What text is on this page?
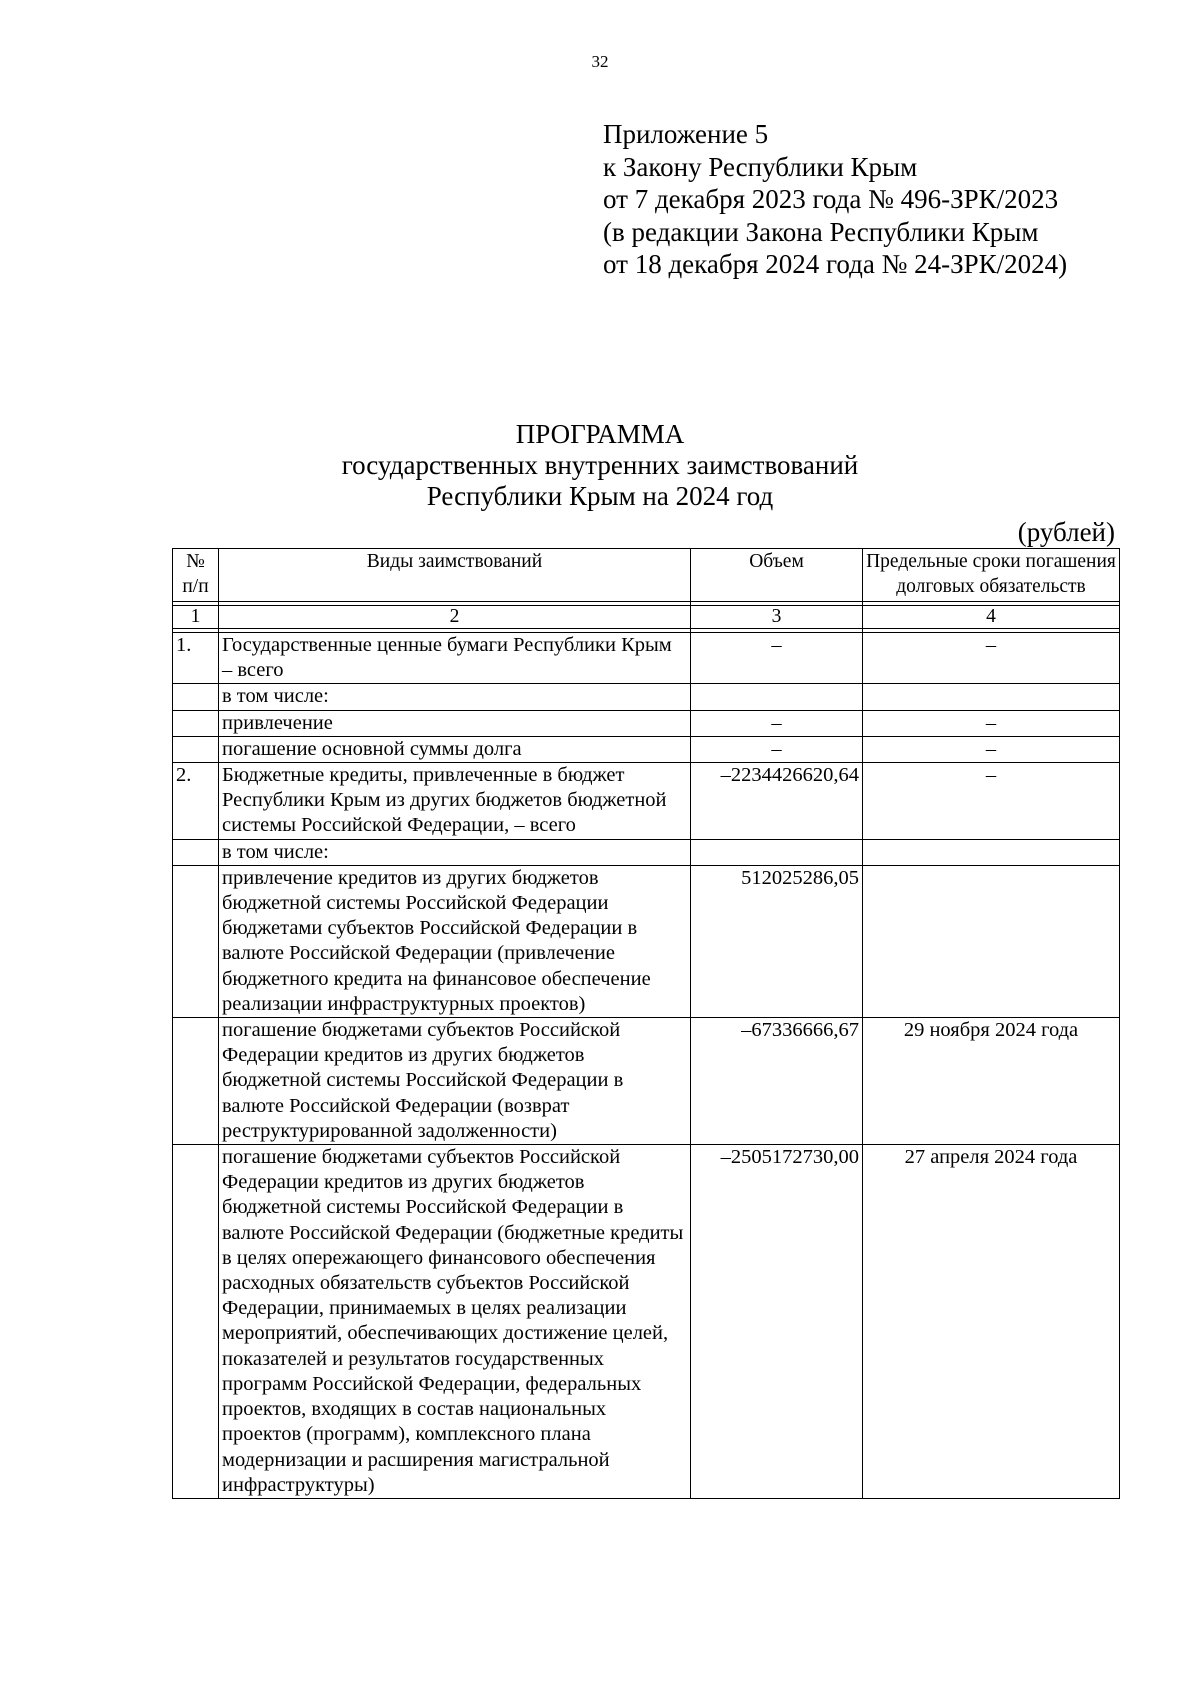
32
Приложение 5
к Закону Республики Крым
от 7 декабря 2023 года № 496-ЗРК/2023
(в редакции Закона Республики Крым
от 18 декабря 2024 года № 24-ЗРК/2024)
ПРОГРАММА
государственных внутренних заимствований
Республики Крым на 2024 год
(рублей)
№ п/п	Виды заимствований	Объем	Предельные сроки погашения долговых обязательств

1	2	3	4

1.	Государственные ценные бумаги Республики Крым – всего	–	–
	в том числе:		
	привлечение	–	–
	погашение основной суммы долга	–	–
2.	Бюджетные кредиты, привлеченные в бюджет Республики Крым из других бюджетов бюджетной системы Российской Федерации, – всего	–2234426620,64	–
	в том числе:		
	привлечение кредитов из других бюджетов бюджетной системы Российской Федерации бюджетами субъектов Российской Федерации в валюте Российской Федерации (привлечение бюджетного кредита на финансовое обеспечение реализации инфраструктурных проектов)	512025286,05	
	погашение бюджетами субъектов Российской Федерации кредитов из других бюджетов бюджетной системы Российской Федерации в валюте Российской Федерации (возврат реструктурированной задолженности)	–67336666,67	29 ноября 2024 года
	погашение бюджетами субъектов Российской Федерации кредитов из других бюджетов бюджетной системы Российской Федерации в валюте Российской Федерации (бюджетные кредиты в целях опережающего финансового обеспечения расходных обязательств субъектов Российской Федерации, принимаемых в целях реализации мероприятий, обеспечивающих достижение целей, показателей и результатов государственных программ Российской Федерации, федеральных проектов, входящих в состав национальных проектов (программ), комплексного плана модернизации и расширения магистральной инфраструктуры)	–2505172730,00	27 апреля 2024 года
